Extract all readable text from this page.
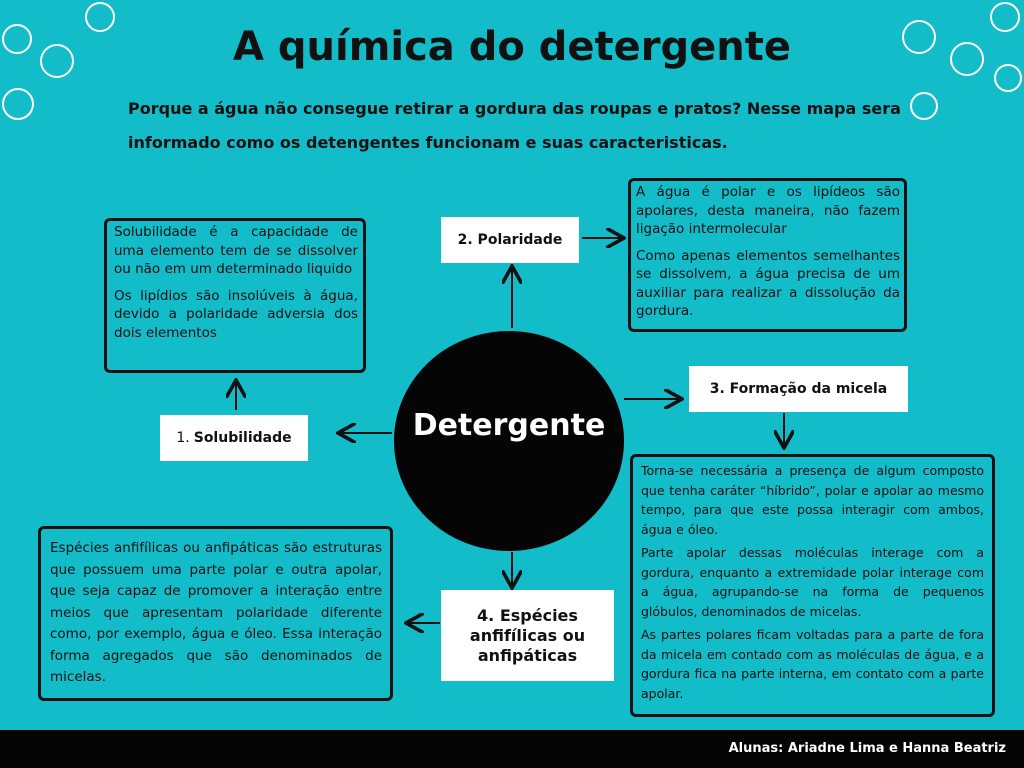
A química do detergente
Porque a água não consegue retirar a gordura das roupas e pratos? Nesse mapa sera informado como os detengentes funcionam e suas caracteristicas.
Detergente
1. Solubilidade

Solubilidade é a capacidade de uma elemento tem de se dissolver ou não em um determinado liquido

Os lipídios são insolúveis à água, devido a polaridade adversia dos dois elementos

2. Polaridade

A água é polar e os lipídeos são apolares, desta maneira, não fazem ligação intermolecular

Como apenas elementos semelhantes se dissolvem, a água precisa de um auxiliar para realizar a dissolução da gordura.

3. Formação da micela

Torna-se necessária a presença de algum composto que tenha caráter “híbrido”, polar e apolar ao mesmo tempo, para que este possa interagir com ambos, água e óleo.

Parte apolar dessas moléculas interage com a gordura, enquanto a extremidade polar interage com a água, agrupando-se na forma de pequenos glóbulos, denominados de micelas.

As partes polares ficam voltadas para a parte de fora da micela em contado com as moléculas de água, e a gordura fica na parte interna, em contato com a parte apolar.

4. Espécies anfifílicas ou anfipáticas

Espécies anfifílicas ou anfipáticas são estruturas que possuem uma parte polar e outra apolar, que seja capaz de promover a interação entre meios que apresentam polaridade diferente como, por exemplo, água e óleo. Essa interação forma agregados que são denominados de micelas.

Alunas: Ariadne Lima e Hanna Beatriz
